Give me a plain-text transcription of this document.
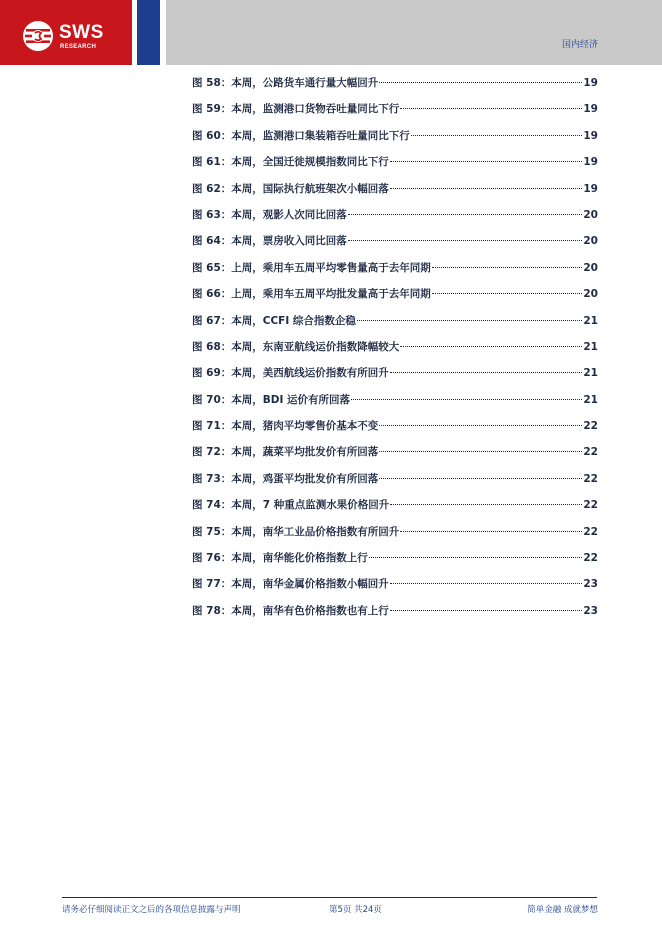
SWS
RESEARCH	国内经济
图 58：本周，公路货车通行量大幅回升	19
图 59：本周，监测港口货物吞吐量同比下行	19
图 60：本周，监测港口集装箱吞吐量同比下行	19
图 61：本周，全国迁徙规模指数同比下行	19
图 62：本周，国际执行航班架次小幅回落	19
图 63：本周，观影人次同比回落	20
图 64：本周，票房收入同比回落	20
图 65：上周，乘用车五周平均零售量高于去年同期	20
图 66：上周，乘用车五周平均批发量高于去年同期	20
图 67：本周，CCFI 综合指数企稳	21
图 68：本周，东南亚航线运价指数降幅较大	21
图 69：本周，美西航线运价指数有所回升	21
图 70：本周，BDI 运价有所回落	21
图 71：本周，猪肉平均零售价基本不变	22
图 72：本周，蔬菜平均批发价有所回落	22
图 73：本周，鸡蛋平均批发价有所回落	22
图 74：本周，7 种重点监测水果价格回升	22
图 75：本周，南华工业品价格指数有所回升	22
图 76：本周，南华能化价格指数上行	22
图 77：本周，南华金属价格指数小幅回升	23
图 78：本周，南华有色价格指数也有上行	23
请务必仔细阅读正文之后的各项信息披露与声明	第5页 共24页	简单金融 成就梦想
